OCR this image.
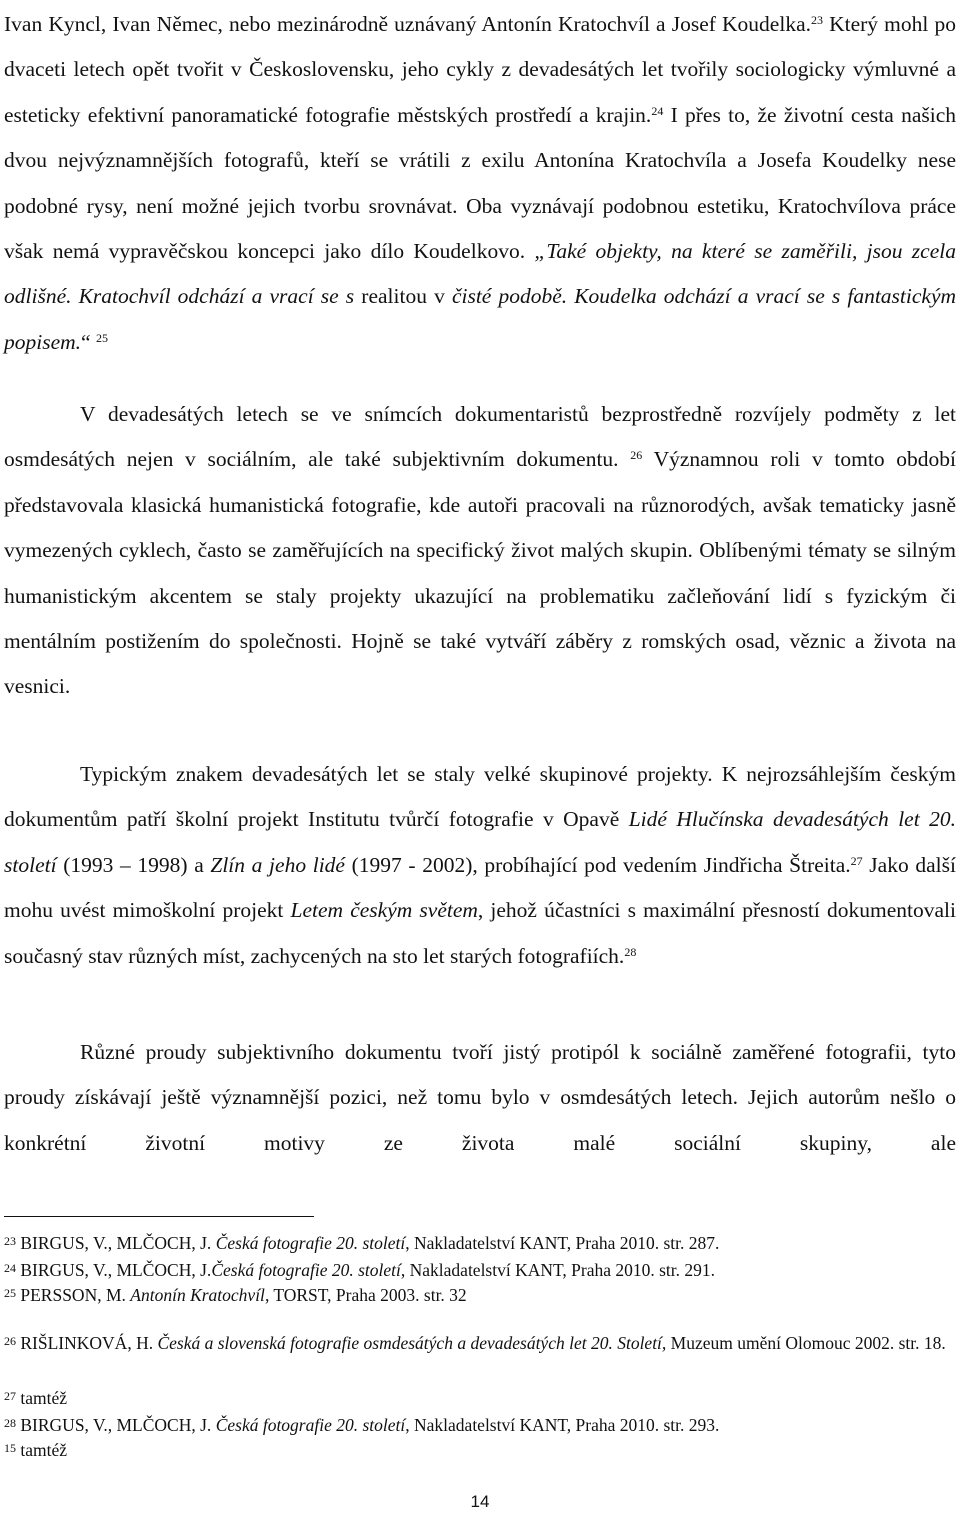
Ivan Kyncl, Ivan Němec, nebo mezinárodně uznávaný Antonín Kratochvíl a Josef Koudelka.$^{23}$ Který mohl po dvaceti letech opět tvořit v Československu, jeho cykly z devadesátých let tvořily sociologicky výmluvné a esteticky efektivní panoramatické fotografie městských prostředí a krajin.$^{24}$ I přes to, že životní cesta našich dvou nejvýznamnějších fotografů, kteří se vrátili z exilu Antonína Kratochvíla a Josefa Koudelky nese podobné rysy, není možné jejich tvorbu srovnávat. Oba vyznávají podobnou estetiku, Kratochvílova práce však nemá vypravěčskou koncepci jako dílo Koudelkovo. „Také objekty, na které se zaměřili, jsou zcela odlišné. Kratochvíl odchází a vrací se s realitou v čisté podobě. Koudelka odchází a vrací se s fantastickým popisem.“ $^{25}$

V devadesátých letech se ve snímcích dokumentaristů bezprostředně rozvíjely podměty z let osmdesátých nejen v sociálním, ale také subjektivním dokumentu. $^{26}$ Významnou roli v tomto období představovala klasická humanistická fotografie, kde autoři pracovali na různorodých, avšak tematicky jasně vymezených cyklech, často se zaměřujících na specifický život malých skupin. Oblíbenými tématy se silným humanistickým akcentem se staly projekty ukazující na problematiku začleňování lidí s fyzickým či mentálním postižením do společnosti. Hojně se také vytváří záběry z romských osad, věznic a života na vesnici.

Typickým znakem devadesátých let se staly velké skupinové projekty. K nejrozsáhlejším českým dokumentům patří školní projekt Institutu tvůrčí fotografie v Opavě Lidé Hlučínska devadesátých let 20. století (1993 – 1998) a Zlín a jeho lidé (1997 - 2002), probíhající pod vedením Jindřicha Štreita.$^{27}$ Jako další mohu uvést mimoškolní projekt Letem českým světem, jehož účastníci s maximální přesností dokumentovali současný stav různých míst, zachycených na sto let starých fotografiích.$^{28}$

Různé proudy subjektivního dokumentu tvoří jistý protipól k sociálně zaměřené fotografii, tyto proudy získávají ještě významnější pozici, než tomu bylo v osmdesátých letech. Jejich autorům nešlo o konkrétní životní motivy ze života malé sociální skupiny, ale

$^{23}$ BIRGUS, V., MLČOCH, J. Česká fotografie 20. století, Nakladatelství KANT, Praha 2010. str. 287.

$^{24}$ BIRGUS, V., MLČOCH, J.Česká fotografie 20. století, Nakladatelství KANT, Praha 2010. str. 291.

$^{25}$ PERSSON, M. Antonín Kratochvíl, TORST, Praha 2003. str. 32

$^{26}$ RIŠLINKOVÁ, H. Česká a slovenská fotografie osmdesátých a devadesátých let 20. Století, Muzeum umění Olomouc 2002. str. 18.

$^{27}$ tamtéž

$^{28}$ BIRGUS, V., MLČOCH, J. Česká fotografie 20. století, Nakladatelství KANT, Praha 2010. str. 293.

$^{15}$ tamtéž

14
